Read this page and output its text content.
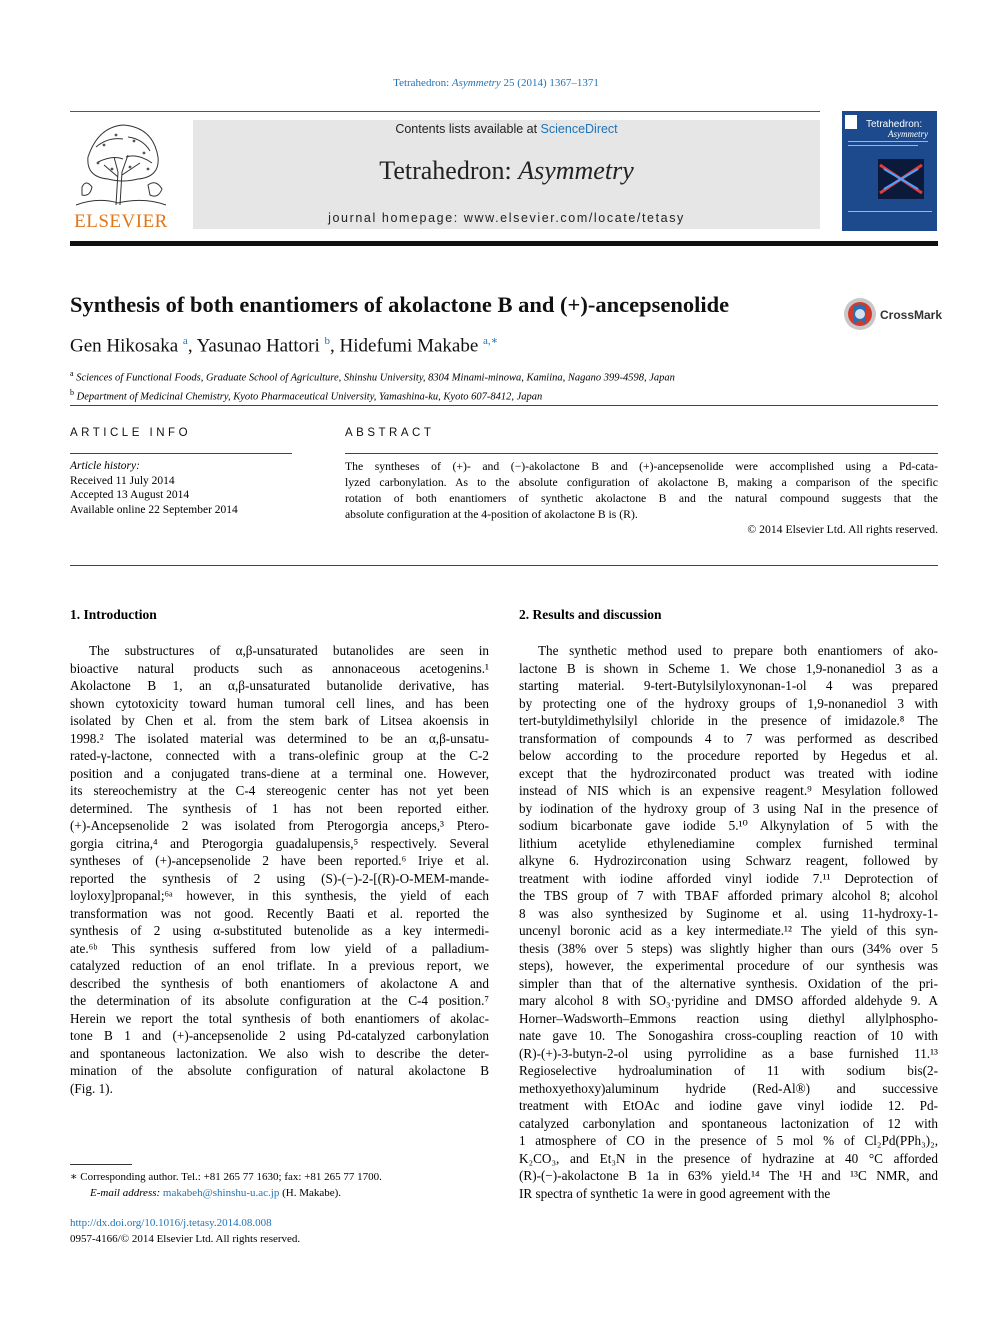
Tetrahedron: Asymmetry 25 (2014) 1367–1371
ELSEVIER
Contents lists available at ScienceDirect
Tetrahedron: Asymmetry
journal homepage: www.elsevier.com/locate/tetasy
Tetrahedron:
Asymmetry
Synthesis of both enantiomers of akolactone B and (+)-ancepsenolide	CrossMark
Gen Hikosaka $^a$, Yasunao Hattori $^b$, Hidefumi Makabe $^{a,∗}$
$^a$ Sciences of Functional Foods, Graduate School of Agriculture, Shinshu University, 8304 Minami-minowa, Kamiina, Nagano 399-4598, Japan
$^b$ Department of Medicinal Chemistry, Kyoto Pharmaceutical University, Yamashina-ku, Kyoto 607-8412, Japan
ARTICLE INFO
Article history:
Received 11 July 2014
Accepted 13 August 2014
Available online 22 September 2014
ABSTRACT
The syntheses of (+)- and (−)-akolactone B and (+)-ancepsenolide were accomplished using a Pd-cata-
lyzed carbonylation. As to the absolute configuration of akolactone B, making a comparison of the specific
rotation of both enantiomers of synthetic akolactone B and the natural compound suggests that the
absolute configuration at the 4-position of akolactone B is (R).
© 2014 Elsevier Ltd. All rights reserved.
1. Introduction
The substructures of α,β-unsaturated butanolides are seen in
bioactive natural products such as annonaceous acetogenins.¹
Akolactone B 1, an α,β-unsaturated butanolide derivative, has
shown cytotoxicity toward human tumoral cell lines, and has been
isolated by Chen et al. from the stem bark of Litsea akoensis in
1998.² The isolated material was determined to be an α,β-unsatu-
rated-γ-lactone, connected with a trans-olefinic group at the C-2
position and a conjugated trans-diene at a terminal one. However,
its stereochemistry at the C-4 stereogenic center has not yet been
determined. The synthesis of 1 has not been reported either.
(+)-Ancepsenolide 2 was isolated from Pterogorgia anceps,³ Ptero-
gorgia citrina,⁴ and Pterogorgia guadalupensis,⁵ respectively. Several
syntheses of (+)-ancepsenolide 2 have been reported.⁶ Iriye et al.
reported the synthesis of 2 using (S)-(−)-2-[(R)-O-MEM-mande-
loyloxy]propanal;⁶ᵃ however, in this synthesis, the yield of each
transformation was not good. Recently Baati et al. reported the
synthesis of 2 using α-substituted butenolide as a key intermedi-
ate.⁶ᵇ This synthesis suffered from low yield of a palladium-
catalyzed reduction of an enol triflate. In a previous report, we
described the synthesis of both enantiomers of akolactone A and
the determination of its absolute configuration at the C-4 position.⁷
Herein we report the total synthesis of both enantiomers of akolac-
tone B 1 and (+)-ancepsenolide 2 using Pd-catalyzed carbonylation
and spontaneous lactonization. We also wish to describe the deter-
mination of the absolute configuration of natural akolactone B
(Fig. 1).
2. Results and discussion
The synthetic method used to prepare both enantiomers of ako-
lactone B is shown in Scheme 1. We chose 1,9-nonanediol 3 as a
starting material. 9-tert-Butylsilyloxynonan-1-ol 4 was prepared
by protecting one of the hydroxy groups of 1,9-nonanediol 3 with
tert-butyldimethylsilyl chloride in the presence of imidazole.⁸ The
transformation of compounds 4 to 7 was performed as described
below according to the procedure reported by Hegedus et al.
except that the hydrozirconated product was treated with iodine
instead of NIS which is an expensive reagent.⁹ Mesylation followed
by iodination of the hydroxy group of 3 using NaI in the presence of
sodium bicarbonate gave iodide 5.¹⁰ Alkynylation of 5 with the
lithium acetylide ethylenediamine complex furnished terminal
alkyne 6. Hydrozirconation using Schwarz reagent, followed by
treatment with iodine afforded vinyl iodide 7.¹¹ Deprotection of
the TBS group of 7 with TBAF afforded primary alcohol 8; alcohol
8 was also synthesized by Suginome et al. using 11-hydroxy-1-
uncenyl boronic acid as a key intermediate.¹² The yield of this syn-
thesis (38% over 5 steps) was slightly higher than ours (34% over 5
steps), however, the experimental procedure of our synthesis was
simpler than that of the alternative synthesis. Oxidation of the pri-
mary alcohol 8 with SO₃·pyridine and DMSO afforded aldehyde 9. A
Horner–Wadsworth–Emmons reaction using diethyl allylphospho-
nate gave 10. The Sonogashira cross-coupling reaction of 10 with
(R)-(+)-3-butyn-2-ol using pyrrolidine as a base furnished 11.¹³
Regioselective hydroalumination of 11 with sodium bis(2-
methoxyethoxy)aluminum hydride (Red-Al®) and successive
treatment with EtOAc and iodine gave vinyl iodide 12. Pd-
catalyzed carbonylation and spontaneous lactonization of 12 with
1 atmosphere of CO in the presence of 5 mol % of Cl₂Pd(PPh₃)₂,
K₂CO₃, and Et₃N in the presence of hydrazine at 40 °C afforded
(R)-(−)-akolactone B 1a in 63% yield.¹⁴ The ¹H and ¹³C NMR, and
IR spectra of synthetic 1a were in good agreement with the
∗ Corresponding author. Tel.: +81 265 77 1630; fax: +81 265 77 1700.
E-mail address: makabeh@shinshu-u.ac.jp (H. Makabe).
http://dx.doi.org/10.1016/j.tetasy.2014.08.008
0957-4166/© 2014 Elsevier Ltd. All rights reserved.
